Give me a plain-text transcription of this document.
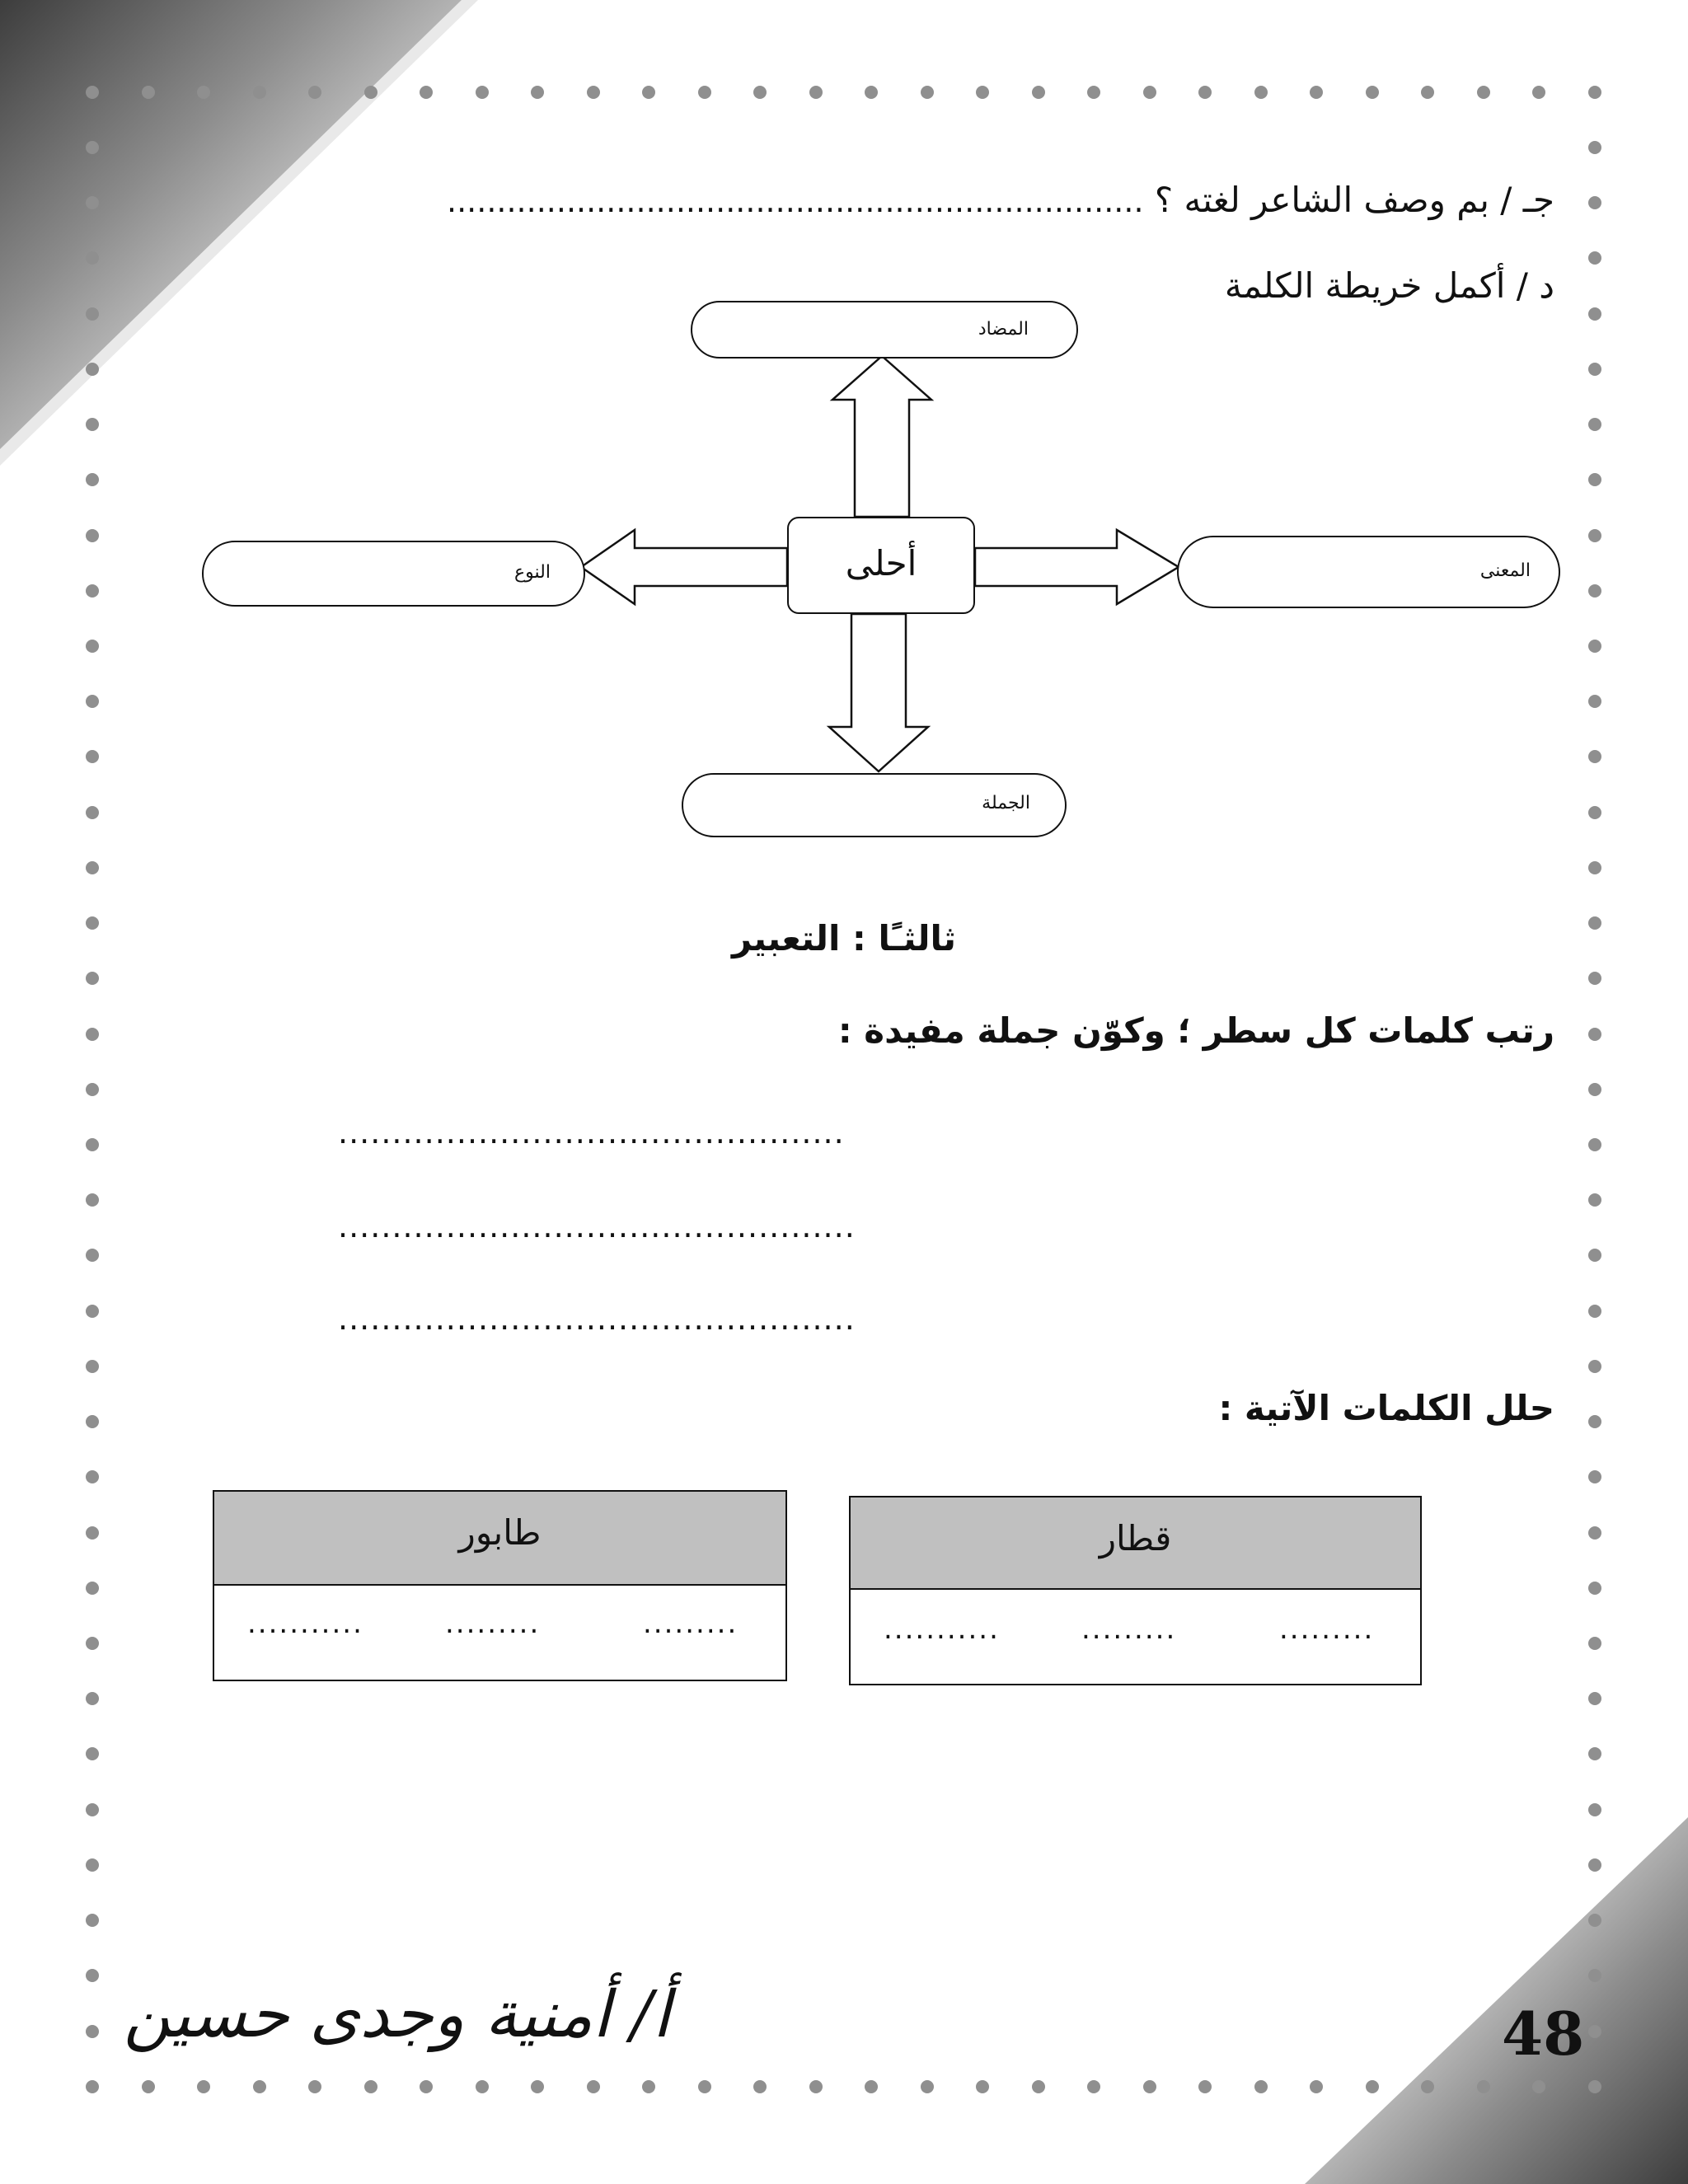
جـ / بم وصف الشاعر لغته ؟ ......................................................................
د / أكمل خريطة الكلمة
المضاد
المعنى
النوع
الجملة
أحلى
ثالثـًا : التعبير
رتب كلمات كل سطر ؛ وكوّن جملة مفيدة :
...............................................
................................................
................................................
حلل الكلمات الآتية :
قطار
...........	.........	.........
طابور
...........	.........	.........
أ/ أمنية وجدى حسين	48
